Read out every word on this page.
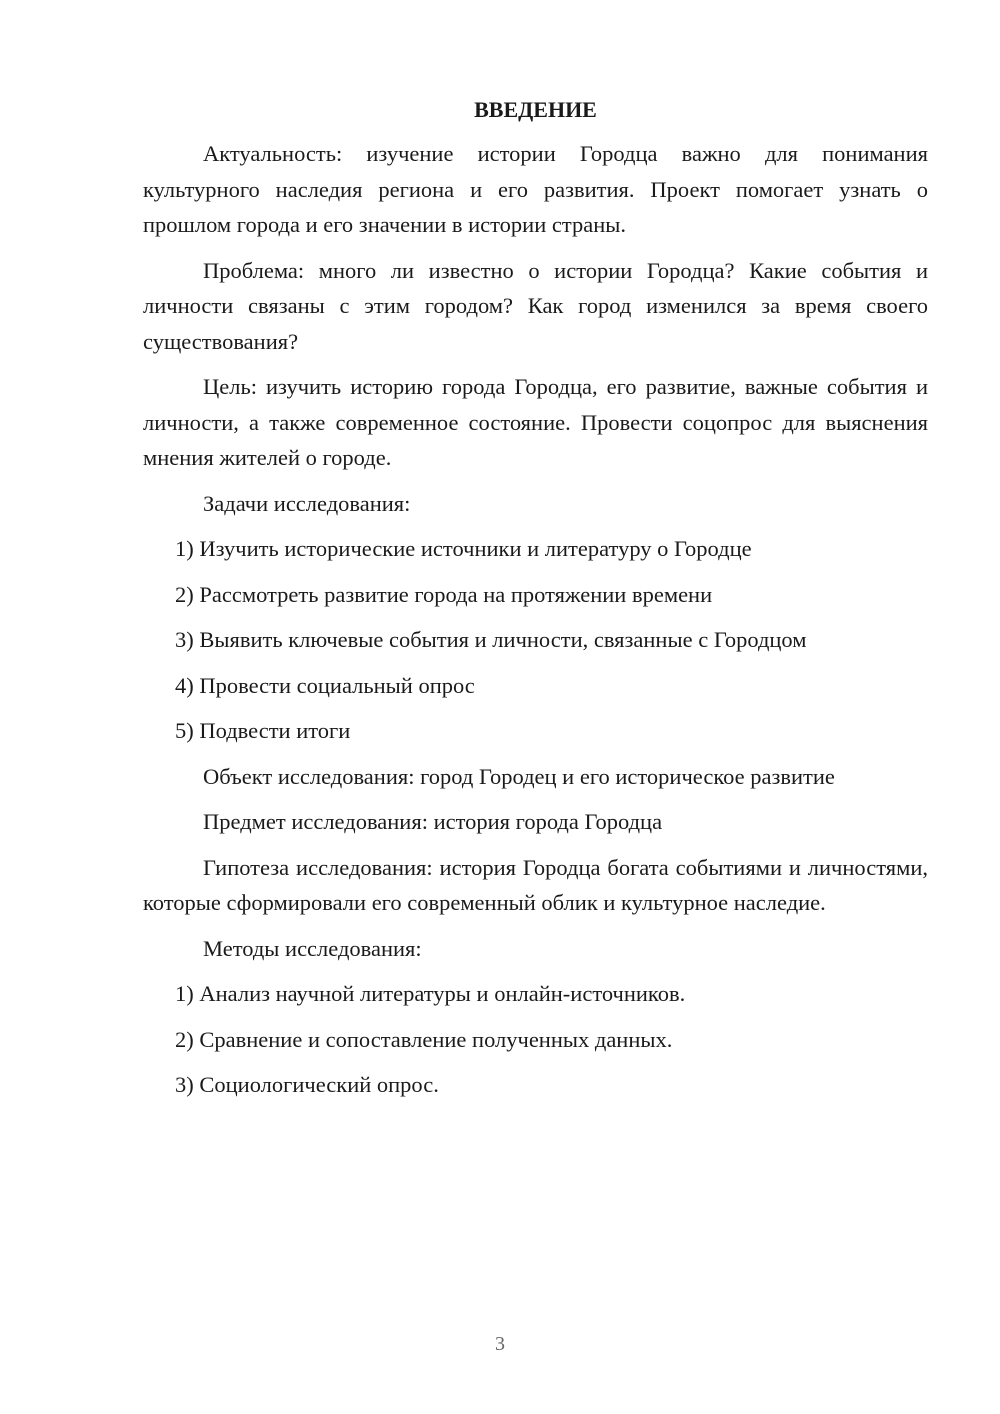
ВВЕДЕНИЕ

Актуальность: изучение истории Городца важно для понимания культурного наследия региона и его развития. Проект помогает узнать о прошлом города и его значении в истории страны.

Проблема: много ли известно о истории Городца? Какие события и личности связаны с этим городом? Как город изменился за время своего существования?

Цель: изучить историю города Городца, его развитие, важные события и личности, а также современное состояние. Провести соцопрос для выяснения мнения жителей о городе.

Задачи исследования:
1) Изучить исторические источники и литературу о Городце
2) Рассмотреть развитие города на протяжении времени
3) Выявить ключевые события и личности, связанные с Городцом
4) Провести социальный опрос
5) Подвести итоги
Объект исследования: город Городец и его историческое развитие
Предмет исследования: история города Городца

Гипотеза исследования: история Городца богата событиями и личностями, которые сформировали его современный облик и культурное наследие.

Методы исследования:
1) Анализ научной литературы и онлайн-источников.
2) Сравнение и сопоставление полученных данных.
3) Социологический опрос.
3
